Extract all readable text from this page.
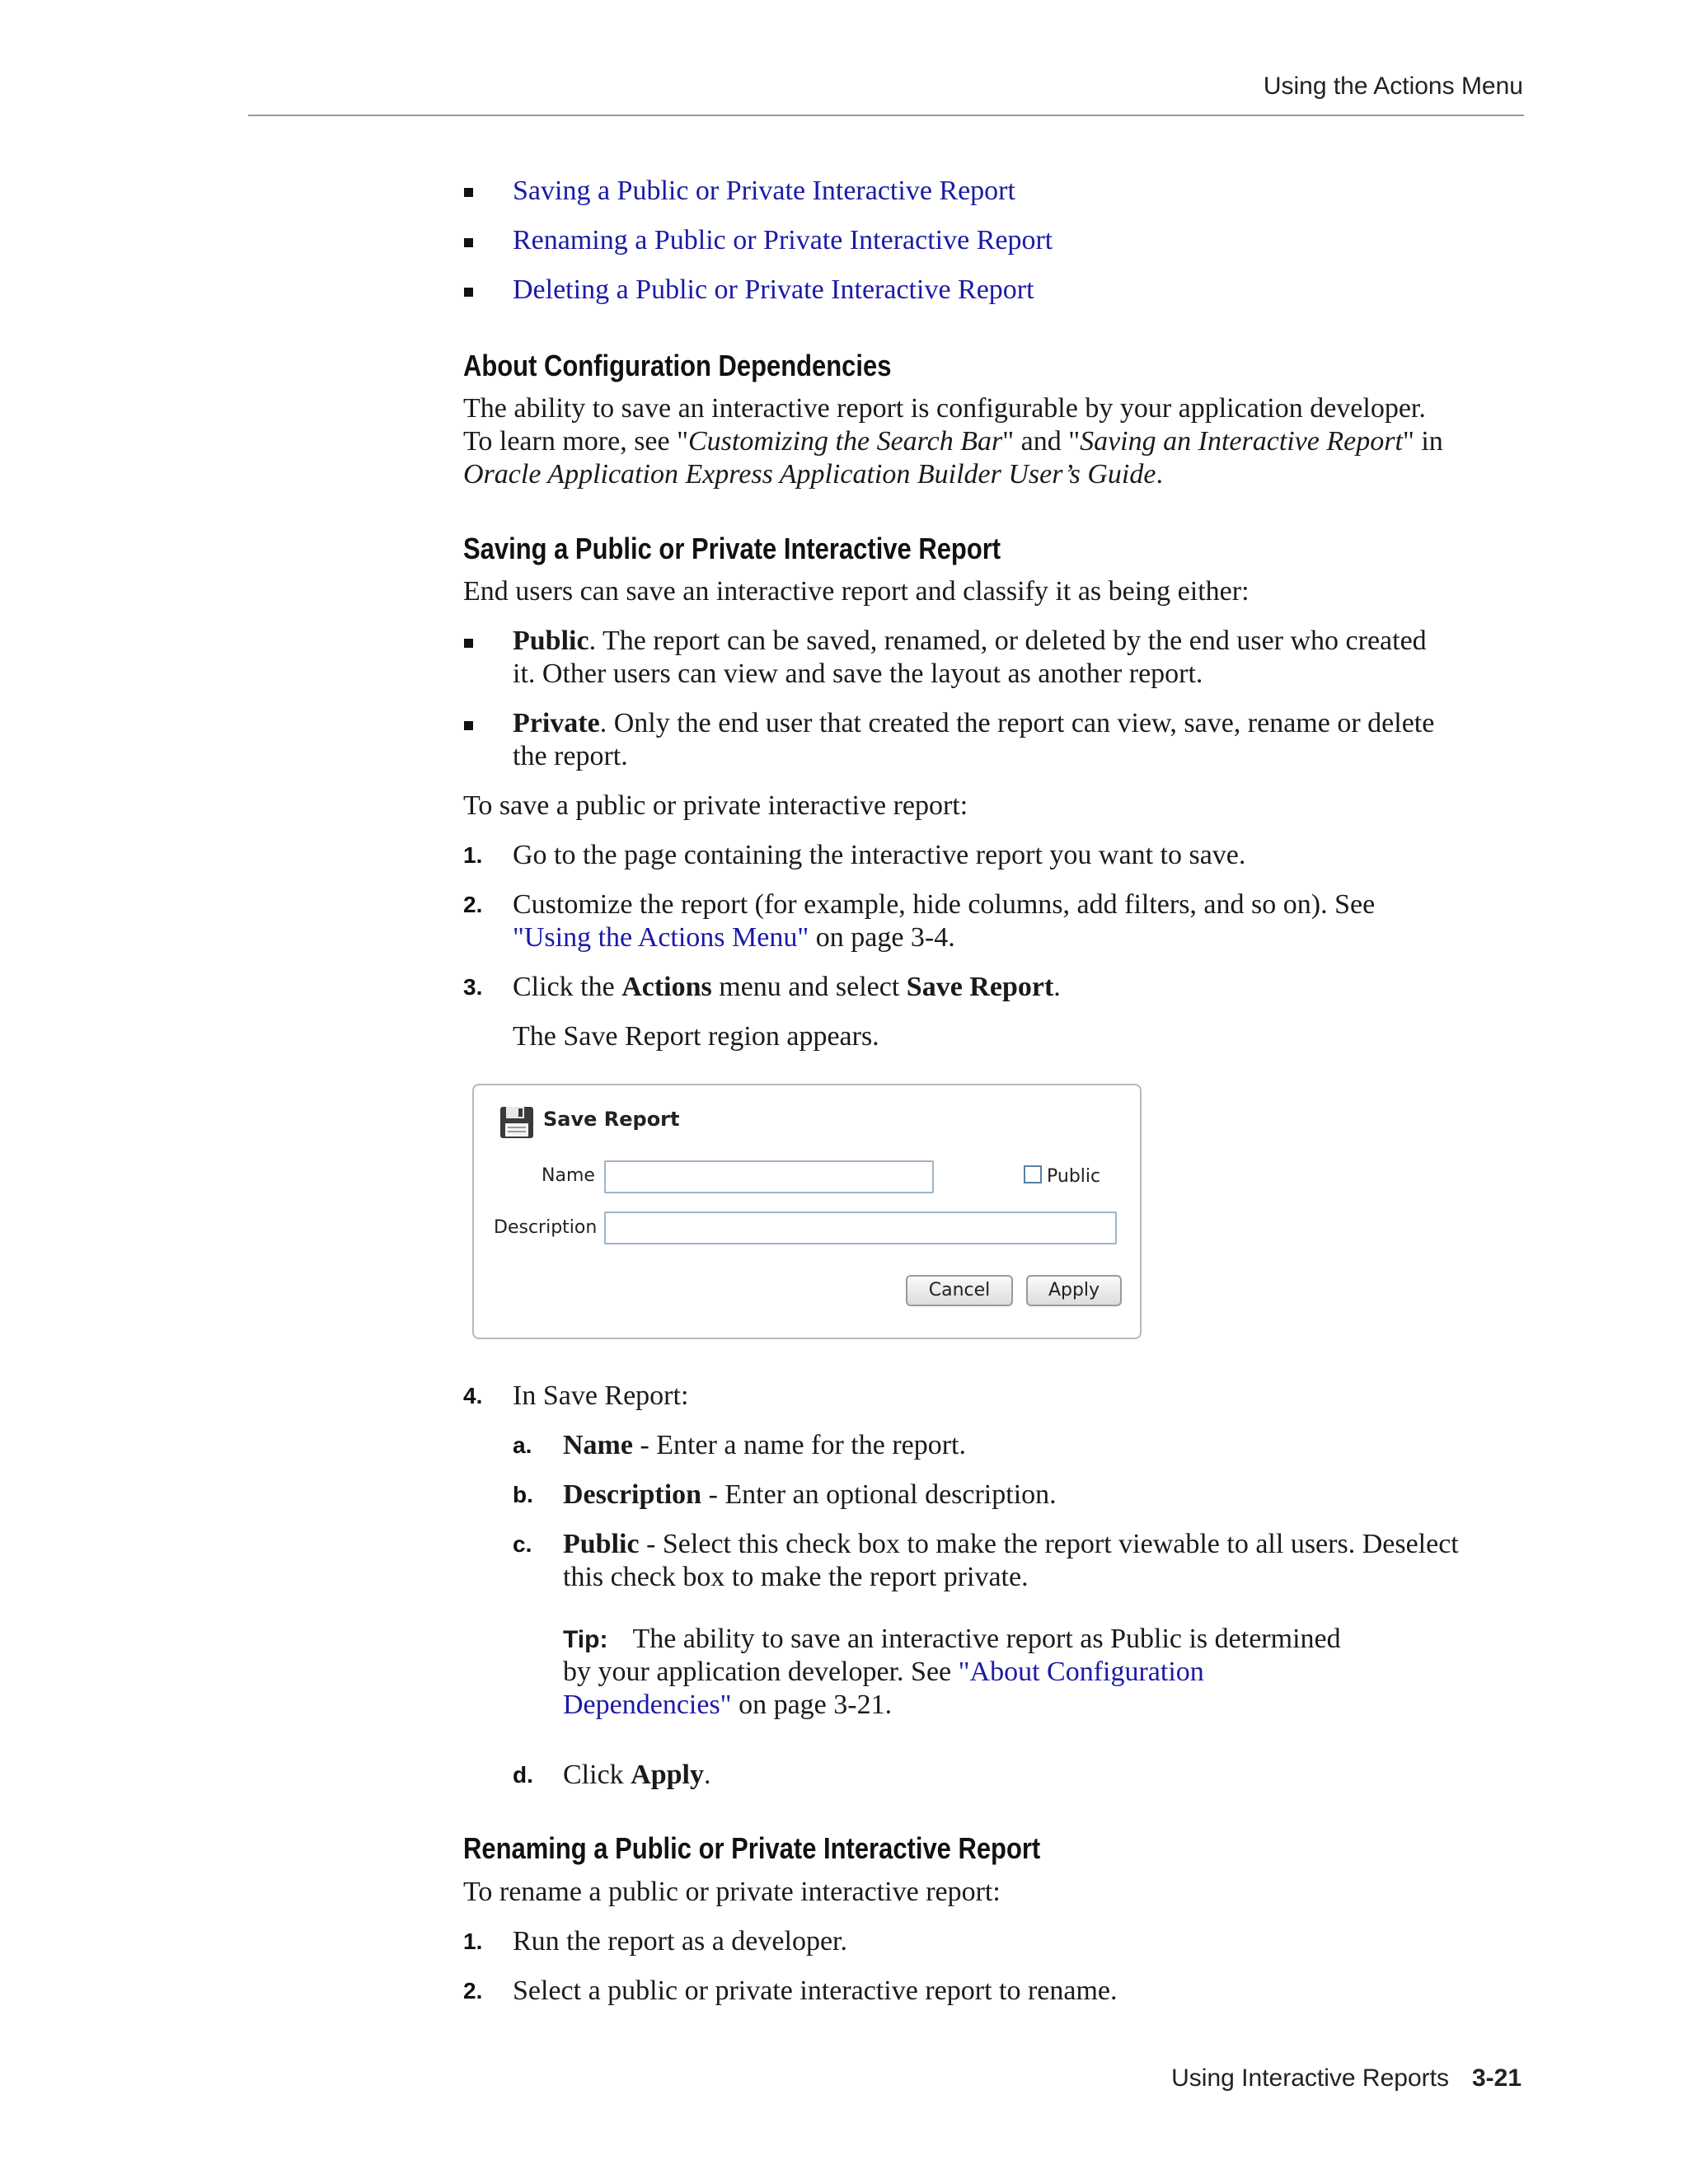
Using the Actions Menu
Saving a Public or Private Interactive Report
Renaming a Public or Private Interactive Report
Deleting a Public or Private Interactive Report
About Configuration Dependencies
The ability to save an interactive report is configurable by your application developer.
To learn more, see "Customizing the Search Bar" and "Saving an Interactive Report" in
Oracle Application Express Application Builder User’s Guide.
Saving a Public or Private Interactive Report
End users can save an interactive report and classify it as being either:
Public. The report can be saved, renamed, or deleted by the end user who created
it. Other users can view and save the layout as another report.
Private. Only the end user that created the report can view, save, rename or delete
the report.
To save a public or private interactive report:
1. Go to the page containing the interactive report you want to save.
2. Customize the report (for example, hide columns, add filters, and so on). See
"Using the Actions Menu" on page 3-4.
3. Click the Actions menu and select Save Report.
The Save Report region appears.
Save Report
Name	Public
Description
Cancel	Apply
4. In Save Report:
a. Name - Enter a name for the report.
b. Description - Enter an optional description.
c. Public - Select this check box to make the report viewable to all users. Deselect
this check box to make the report private.
Tip: The ability to save an interactive report as Public is determined
by your application developer. See "About Configuration
Dependencies" on page 3-21.
d. Click Apply.
Renaming a Public or Private Interactive Report
To rename a public or private interactive report:
1. Run the report as a developer.
2. Select a public or private interactive report to rename.
Using Interactive Reports 3-21
